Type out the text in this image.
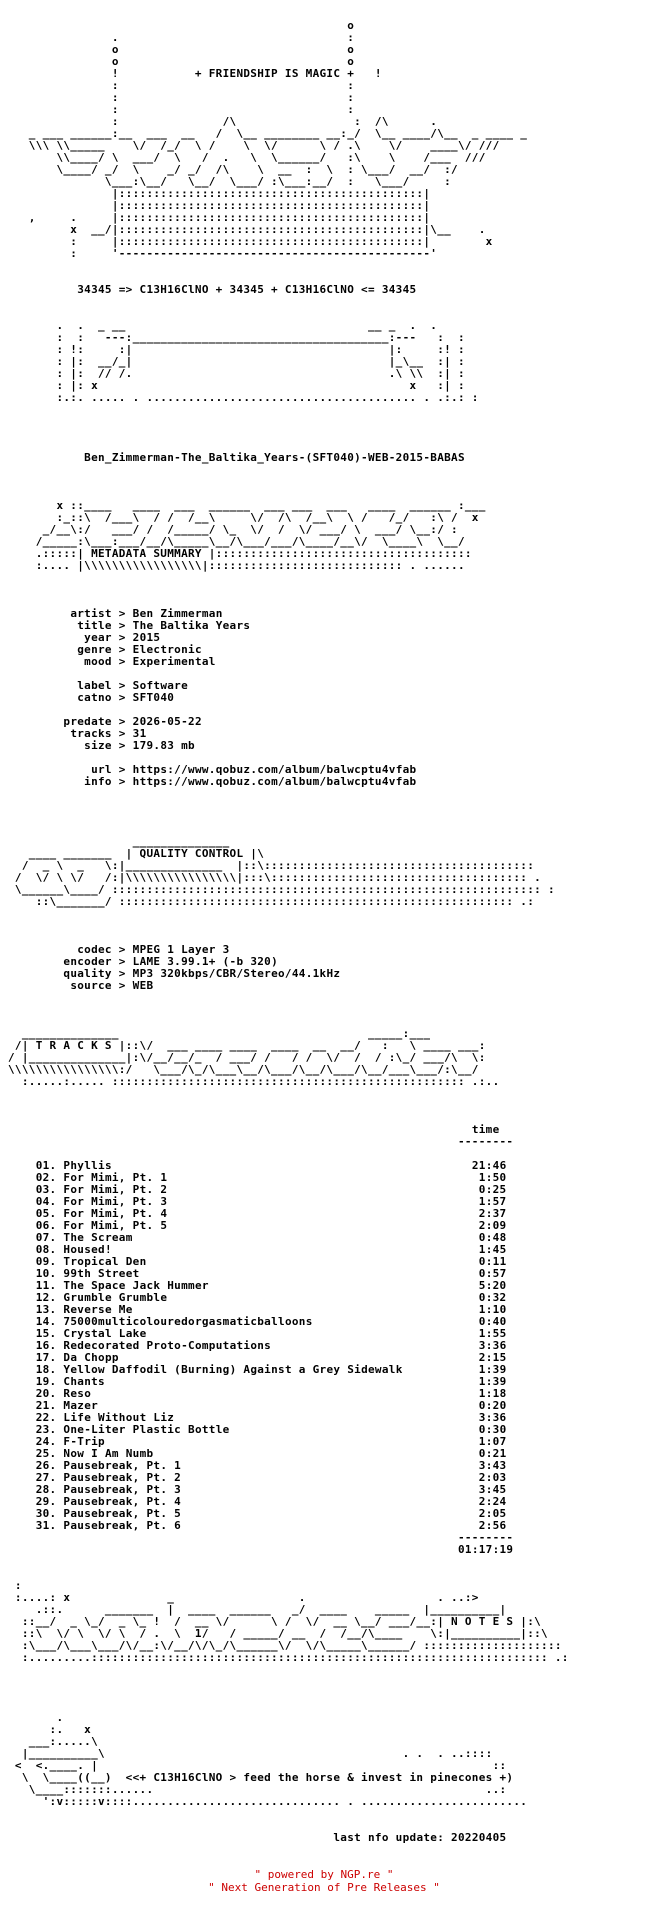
o
.                                 :
o                                 o
o                                 o
!           + FRIENDSHIP IS MAGIC +   !
:                                 :
:                                 :
:                                 :
:               /\                 :  /\      .
_ ___ ______:__  ___  __   /  \__ ________ __:_/  \__ ____/\__  _ ____ _
\\\ \\_____    \/  /_/  \ /    \  \/      \ / .\    \/    ____\/ ///
\\____/ \  ___/  \   /  .   \  \______/   :\    \    /___  ///
\____/ _/  \    _/ _/  /\    \  __  :  \  : \___/  __/  :/
\___:\__/   \__/  \___/ :\___:__/  :   \___/     :
|::::::::::::::::::::::::::::::::::::::::::::|
|::::::::::::::::::::::::::::::::::::::::::::|
,     .     |::::::::::::::::::::::::::::::::::::::::::::|
x  __/|::::::::::::::::::::::::::::::::::::::::::::|\__    .
:     |::::::::::::::::::::::::::::::::::::::::::::|        x
:     '---------------------------------------------'

34345 => C13H16ClNO + 34345 + C13H16ClNO <= 34345

.  .  _ __                                   __ _  .  .
:  :   ---:_____________________________________:---   :  :
: !:     :|                                     |:     :! :
: |:  __/_|                                     |_\__  :| :
: |:  // /.                                     .\ \\  :| :
: |: x                                             x   :| :
:.:. ..... . ....................................... . .:.: :

Ben_Zimmerman-The_Baltika_Years-(SFT040)-WEB-2015-BABAS

x ::____   ____  ___  ______  ___ ___  ___   ____  ______ :___
:_::\  /___\  / /  /__\     \/  /\  /__\  \ /   /_/   :\ /  x
_/__\:/   ___/ /  /_____/ \_  \/  /  \/ ___/ \  ___/ \__:/ :
/_____:\___:___/__/\_____\__/\___/___/\____/__\/  \____\  \__/
.:::::| METADATA SUMMARY |:::::::::::::::::::::::::::::::::::::
:.... |\\\\\\\\\\\\\\\\\|:::::::::::::::::::::::::::: . ......

artist > Ben Zimmerman
title > The Baltika Years
year > 2015
genre > Electronic
mood > Experimental

label > Software
catno > SFT040

predate > 2026-05-22
tracks > 31
size > 179.83 mb

url > https://www.qobuz.com/album/balwcptu4vfab
info > https://www.qobuz.com/album/balwcptu4vfab

______________
____ _______  | QUALITY CONTROL |\
/  _ \  _   \:|______________  |::\:::::::::::::::::::::::::::::::::::::::
/  \/ \ \/   /:|\\\\\\\\\\\\\\\\|:::\::::::::::::::::::::::::::::::::::::: .
\______\____/ :::::::::::::::::::::::::::::::::::::::::::::::::::::::::::::: :
::\_______/ ::::::::::::::::::::::::::::::::::::::::::::::::::::::::: .:

codec > MPEG 1 Layer 3
encoder > LAME 3.99.1+ (-b 320)
quality > MP3 320kbps/CBR/Stereo/44.1kHz
source > WEB

______________                                    _____:___
/| T R A C K S |::\/  ___ ____ ____  ____  __  __/   :   \ ____ ___:
/ |______________|:\/__/__/_  / ___/ /   / /  \/  /  / :\_/ ___/\  \:
\\\\\\\\\\\\\\\\:/   \___/\_/\___\__/\___/\__/\___/\__/___\___/:\__/
:.....:..... ::::::::::::::::::::::::::::::::::::::::::::::::::: .:..

time
--------

01. Phyllis	21:46
02. For Mimi, Pt. 1	1:50
03. For Mimi, Pt. 2	0:25
04. For Mimi, Pt. 3	1:57
05. For Mimi, Pt. 4	2:37
06. For Mimi, Pt. 5	2:09
07. The Scream	0:48
08. Housed!	1:45
09. Tropical Den	0:11
10. 99th Street	0:57
11. The Space Jack Hummer	5:20
12. Grumble Grumble	0:32
13. Reverse Me	1:10
14. 75000multicolouredorgasmaticballoons	0:40
15. Crystal Lake	1:55
16. Redecorated Proto-Computations	3:36
17. Da Chopp	2:15
18. Yellow Daffodil (Burning) Against a Grey Sidewalk	1:39
19. Chants	1:39
20. Reso	1:18
21. Mazer	0:20
22. Life Without Liz	3:36
23. One-Liter Plastic Bottle	0:30
24. F-Trip	1:07
25. Now I Am Numb	0:21
26. Pausebreak, Pt. 1	3:43
27. Pausebreak, Pt. 2	2:03
28. Pausebreak, Pt. 3	3:45
29. Pausebreak, Pt. 4	2:24
30. Pausebreak, Pt. 5	2:05
31. Pausebreak, Pt. 6	2:56
--------
01:17:19

:
:....: x              _                  .                   . ..:>
.::.      _______  |  ____  ______   _/  ____    _____  |__________|
::__/  _ \_/  _ \_ !  /  __ \/      \ /  \/  __ \__/ ___/__:| N O T E S |:\
::\  \/ \  \/ \  / .  \  1/   / _____/ __  /  /__/\____    \:|__________|::\
:\___/\___\___/\/__:\/__/\/\_/\______\/  \/\_____\______/ ::::::::::::::::::::
:.........:::::::::::::::::::::::::::::::::::::::::::::::::::::::::::::::::: .:

.
:.   x
___:.....\
|__________\                                           . .  . ..::::
<  <.____. |                                                         ::
\  \____((__)  <<+ C13H16ClNO > feed the horse & invest in pinecones +)
\____:::::::......                                                ..:
':v:::::v::::.............................. . ........................

last nfo update: 20220405

" powered by NGP.re "
" Next Generation of Pre Releases "
